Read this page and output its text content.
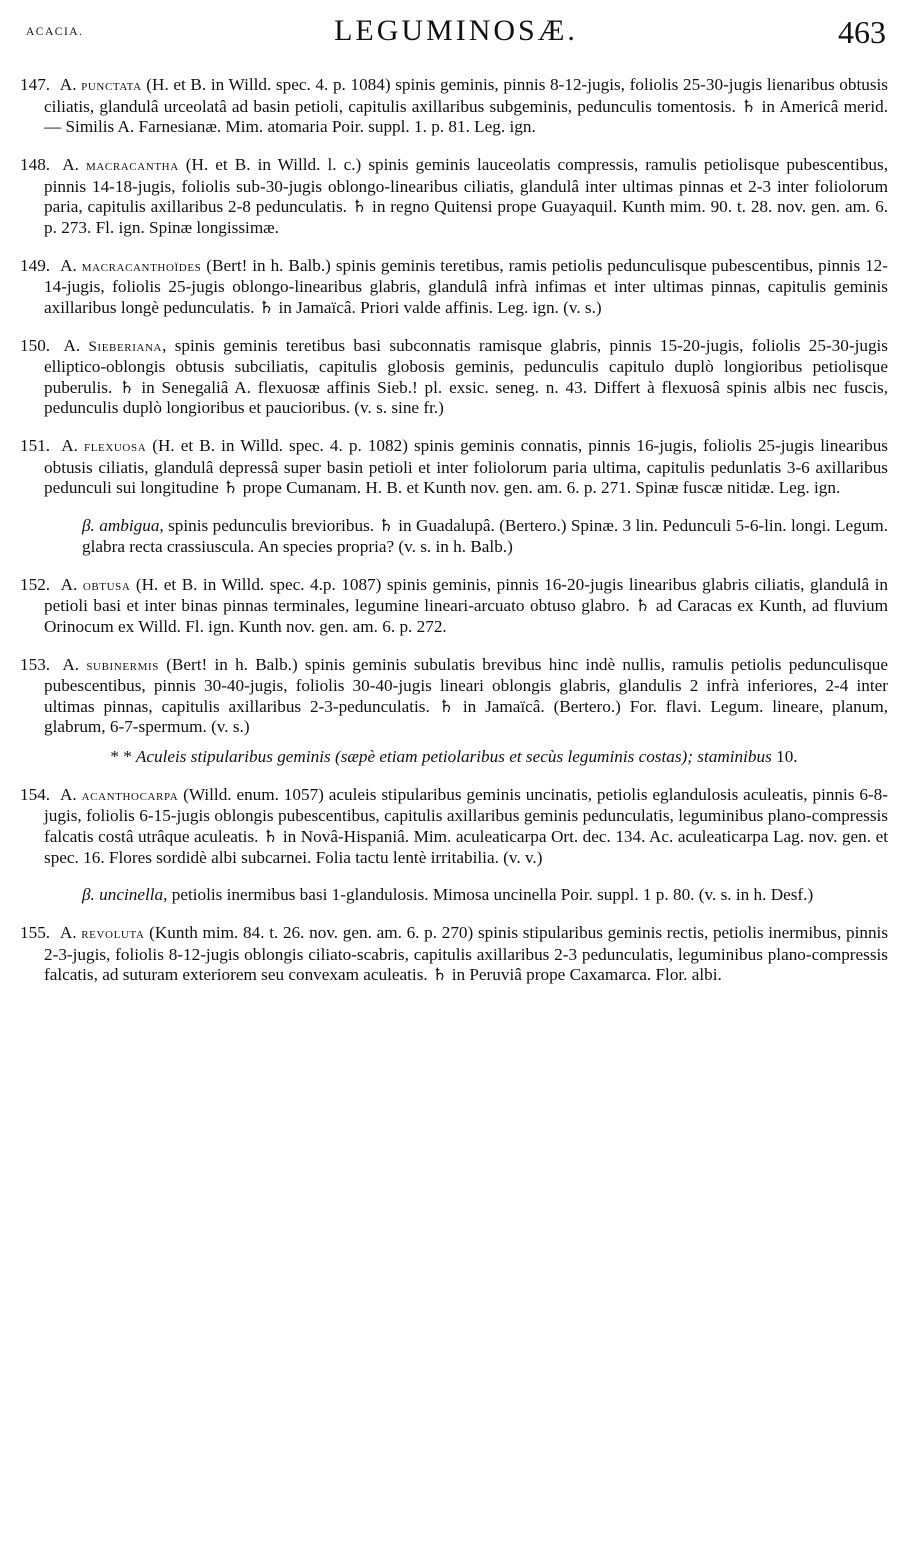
ACACIA.	LEGUMINOSÆ.	463

147. A. punctata (H. et B. in Willd. spec. 4. p. 1084) spinis geminis, pinnis 8-12-jugis, foliolis 25-30-jugis lienaribus obtusis ciliatis, glandulâ urceolatâ ad basin petioli, capitulis axillaribus subgeminis, pedunculis tomentosis. ♄ in Americâ merid. — Similis A. Farnesianæ. Mim. atomaria Poir. suppl. 1. p. 81. Leg. ign.

148. A. macracantha (H. et B. in Willd. l. c.) spinis geminis lauceolatis compressis, ramulis petiolisque pubescentibus, pinnis 14-18-jugis, foliolis sub-30-jugis oblongo-linearibus ciliatis, glandulâ inter ultimas pinnas et 2-3 inter foliolorum paria, capitulis axillaribus 2-8 pedunculatis. ♄ in regno Quitensi prope Guayaquil. Kunth mim. 90. t. 28. nov. gen. am. 6. p. 273. Fl. ign. Spinæ longissimæ.

149. A. macracanthoïdes (Bert! in h. Balb.) spinis geminis teretibus, ramis petiolis pedunculisque pubescentibus, pinnis 12-14-jugis, foliolis 25-jugis oblongo-linearibus glabris, glandulâ infrà infimas et inter ultimas pinnas, capitulis geminis axillaribus longè pedunculatis. ♄ in Jamaïcâ. Priori valde affinis. Leg. ign. (v. s.)

150. A. Sieberiana, spinis geminis teretibus basi subconnatis ramisque glabris, pinnis 15-20-jugis, foliolis 25-30-jugis elliptico-oblongis obtusis subciliatis, capitulis globosis geminis, pedunculis capitulo duplò longioribus petiolisque puberulis. ♄ in Senegaliâ A. flexuosæ affinis Sieb.! pl. exsic. seneg. n. 43. Differt à flexuosâ spinis albis nec fuscis, pedunculis duplò longioribus et paucioribus. (v. s. sine fr.)

151. A. flexuosa (H. et B. in Willd. spec. 4. p. 1082) spinis geminis connatis, pinnis 16-jugis, foliolis 25-jugis linearibus obtusis ciliatis, glandulâ depressâ super basin petioli et inter foliolorum paria ultima, capitulis pedunlatis 3-6 axillaribus pedunculi sui longitudine ♄ prope Cumanam. H. B. et Kunth nov. gen. am. 6. p. 271. Spinæ fuscæ nitidæ. Leg. ign.

β. ambigua, spinis pedunculis brevioribus. ♄ in Guadalupâ. (Bertero.) Spinæ. 3 lin. Pedunculi 5-6-lin. longi. Legum. glabra recta crassiuscula. An species propria? (v. s. in h. Balb.)

152. A. obtusa (H. et B. in Willd. spec. 4.p. 1087) spinis geminis, pinnis 16-20-jugis linearibus glabris ciliatis, glandulâ in petioli basi et inter binas pinnas terminales, legumine lineari-arcuato obtuso glabro. ♄ ad Caracas ex Kunth, ad fluvium Orinocum ex Willd. Fl. ign. Kunth nov. gen. am. 6. p. 272.

153. A. subinermis (Bert! in h. Balb.) spinis geminis subulatis brevibus hinc indè nullis, ramulis petiolis pedunculisque pubescentibus, pinnis 30-40-jugis, foliolis 30-40-jugis lineari oblongis glabris, glandulis 2 infrà inferiores, 2-4 inter ultimas pinnas, capitulis axillaribus 2-3-pedunculatis. ♄ in Jamaïcâ. (Bertero.) For. flavi. Legum. lineare, planum, glabrum, 6-7-spermum. (v. s.)

* * Aculeis stipularibus geminis (sæpè etiam petiolaribus et secùs leguminis costas); staminibus 10.

154. A. acanthocarpa (Willd. enum. 1057) aculeis stipularibus geminis uncinatis, petiolis eglandulosis aculeatis, pinnis 6-8-jugis, foliolis 6-15-jugis oblongis pubescentibus, capitulis axillaribus geminis pedunculatis, leguminibus plano-compressis falcatis costâ utrâque aculeatis. ♄ in Novâ-Hispaniâ. Mim. aculeaticarpa Ort. dec. 134. Ac. aculeaticarpa Lag. nov. gen. et spec. 16. Flores sordidè albi subcarnei. Folia tactu lentè irritabilia. (v. v.)

β. uncinella, petiolis inermibus basi 1-glandulosis. Mimosa uncinella Poir. suppl. 1 p. 80. (v. s. in h. Desf.)

155. A. revoluta (Kunth mim. 84. t. 26. nov. gen. am. 6. p. 270) spinis stipularibus geminis rectis, petiolis inermibus, pinnis 2-3-jugis, foliolis 8-12-jugis oblongis ciliato-scabris, capitulis axillaribus 2-3 pedunculatis, leguminibus plano-compressis falcatis, ad suturam exteriorem seu convexam aculeatis. ♄ in Peruviâ prope Caxamarca. Flor. albi.
